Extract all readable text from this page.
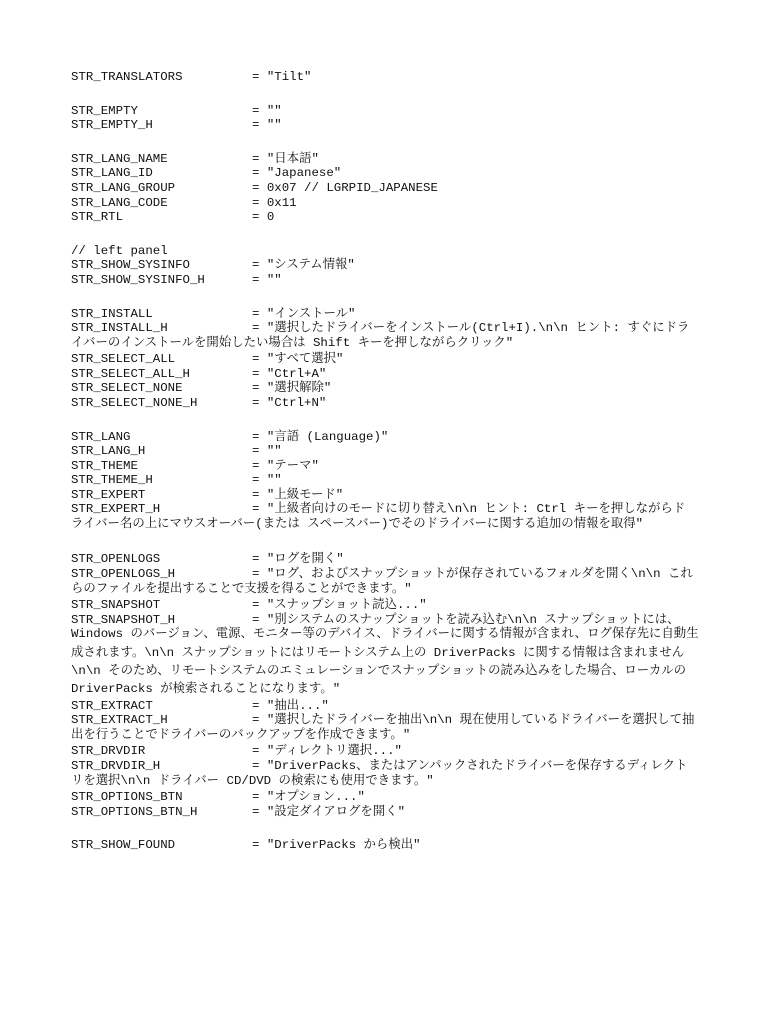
STR_TRANSLATORS	= "Tilt"
STR_EMPTY	= ""
STR_EMPTY_H	= ""
STR_LANG_NAME	= "日本語"
STR_LANG_ID	= "Japanese"
STR_LANG_GROUP	= 0x07 // LGRPID_JAPANESE
STR_LANG_CODE	= 0x11
STR_RTL	= 0
// left panel
STR_SHOW_SYSINFO	= "システム情報"
STR_SHOW_SYSINFO_H	= ""
STR_INSTALL	= "インストール"
STR_INSTALL_H	= "選択したドライバーをインストール(Ctrl+I).\n\n ヒント: すぐにドラ
イバーのインストールを開始したい場合は Shift キーを押しながらクリック"
STR_SELECT_ALL	= "すべて選択"
STR_SELECT_ALL_H	= "Ctrl+A"
STR_SELECT_NONE	= "選択解除"
STR_SELECT_NONE_H	= "Ctrl+N"
STR_LANG	= "言語 (Language)"
STR_LANG_H	= ""
STR_THEME	= "テーマ"
STR_THEME_H	= ""
STR_EXPERT	= "上級モード"
STR_EXPERT_H	= "上級者向けのモードに切り替え\n\n ヒント: Ctrl キーを押しながらド
ライバー名の上にマウスオーバー(または スペースバー)でそのドライバーに関する追加の情報を取得"
STR_OPENLOGS	= "ログを開く"
STR_OPENLOGS_H	= "ログ、およびスナップショットが保存されているフォルダを開く\n\n これ
らのファイルを提出することで支援を得ることができます。"
STR_SNAPSHOT	= "スナップショット読込..."
STR_SNAPSHOT_H	= "別システムのスナップショットを読み込む\n\n スナップショットには、
Windows のバージョン、電源、モニター等のデバイス、ドライバーに関する情報が含まれ、ログ保存先に自動生成されます。\n\n スナップショットにはリモートシステム上の DriverPacks に関する情報は含まれません\n\n そのため、リモートシステムのエミュレーションでスナップショットの読み込みをした場合、ローカルの DriverPacks が検索されることになります。"
STR_EXTRACT	= "抽出..."
STR_EXTRACT_H	= "選択したドライバーを抽出\n\n 現在使用しているドライバーを選択して抽
出を行うことでドライバーのバックアップを作成できます。"
STR_DRVDIR	= "ディレクトリ選択..."
STR_DRVDIR_H	= "DriverPacks、またはアンパックされたドライバーを保存するディレクト
リを選択\n\n ドライバー CD/DVD の検索にも使用できます。"
STR_OPTIONS_BTN	= "オプション..."
STR_OPTIONS_BTN_H	= "設定ダイアログを開く"
STR_SHOW_FOUND	= "DriverPacks から検出"
